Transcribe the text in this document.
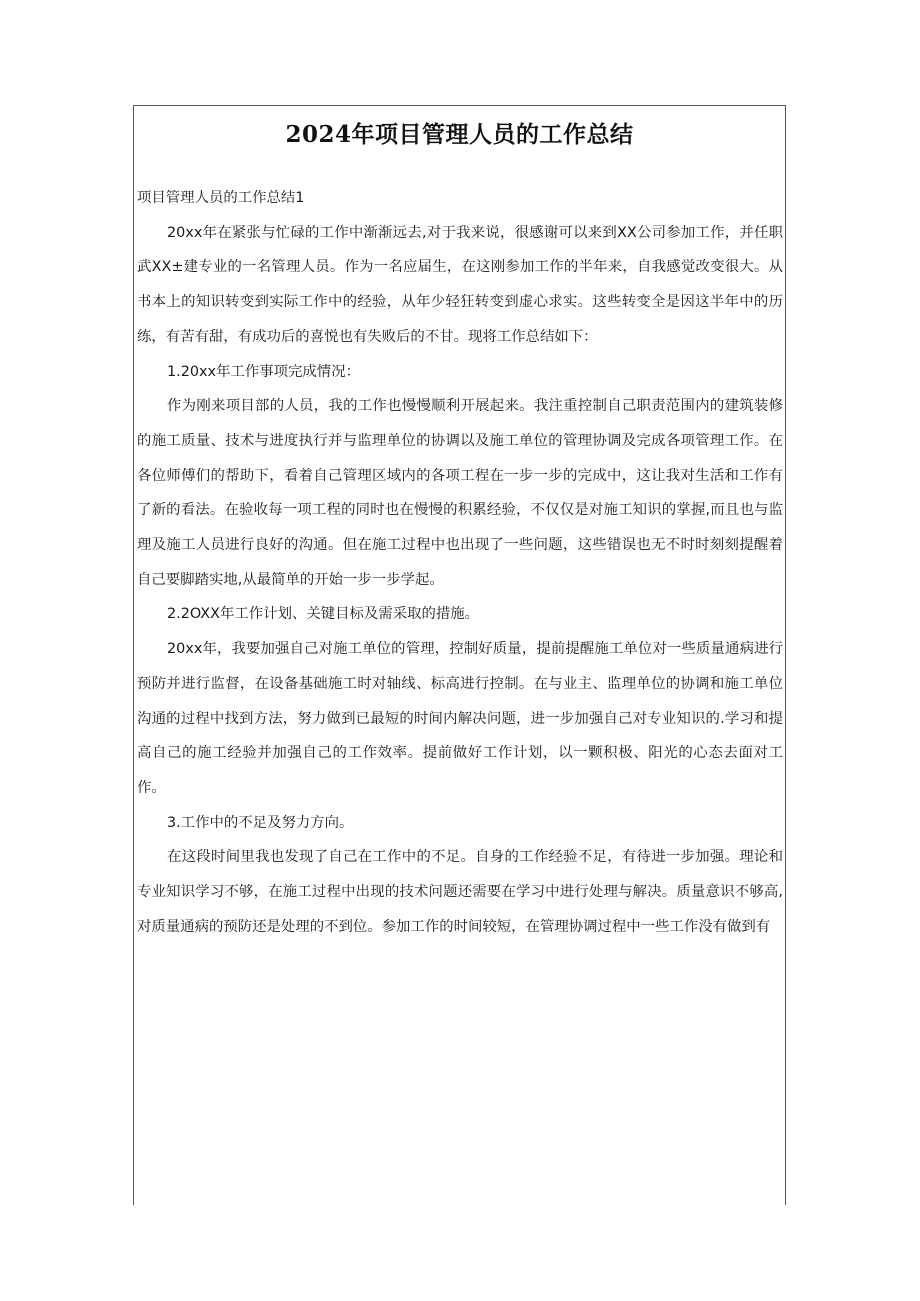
2024年项目管理人员的工作总结

项目管理人员的工作总结1

20xx年在紧张与忙碌的工作中渐渐远去,对于我来说，很感谢可以来到XX公司参加工作，并任职武XX±建专业的一名管理人员。作为一名应届生，在这刚参加工作的半年来，自我感觉改变很大。从书本上的知识转变到实际工作中的经验，从年少轻狂转变到虚心求实。这些转变全是因这半年中的历练，有苦有甜，有成功后的喜悦也有失败后的不甘。现将工作总结如下：

1.20xx年工作事项完成情况：

作为刚来项目部的人员，我的工作也慢慢顺利开展起来。我注重控制自己职责范围内的建筑装修的施工质量、技术与进度执行并与监理单位的协调以及施工单位的管理协调及完成各项管理工作。在各位师傅们的帮助下，看着自己管理区域内的各项工程在一步一步的完成中，这让我对生活和工作有了新的看法。在验收每一项工程的同时也在慢慢的积累经验，不仅仅是对施工知识的掌握,而且也与监理及施工人员进行良好的沟通。但在施工过程中也出现了一些问题，这些错误也无不时时刻刻提醒着自己要脚踏实地,从最简单的开始一步一步学起。

2.2OXX年工作计划、关键目标及需采取的措施。

20xx年，我要加强自己对施工单位的管理，控制好质量，提前提醒施工单位对一些质量通病进行预防并进行监督，在设备基础施工时对轴线、标高进行控制。在与业主、监理单位的协调和施工单位沟通的过程中找到方法，努力做到已最短的时间内解决问题，进一步加强自己对专业知识的.学习和提高自己的施工经验并加强自己的工作效率。提前做好工作计划，以一颗积极、阳光的心态去面对工作。

3.工作中的不足及努力方向。

在这段时间里我也发现了自己在工作中的不足。自身的工作经验不足，有待进一步加强。理论和专业知识学习不够，在施工过程中出现的技术问题还需要在学习中进行处理与解决。质量意识不够高,对质量通病的预防还是处理的不到位。参加工作的时间较短，在管理协调过程中一些工作没有做到有
